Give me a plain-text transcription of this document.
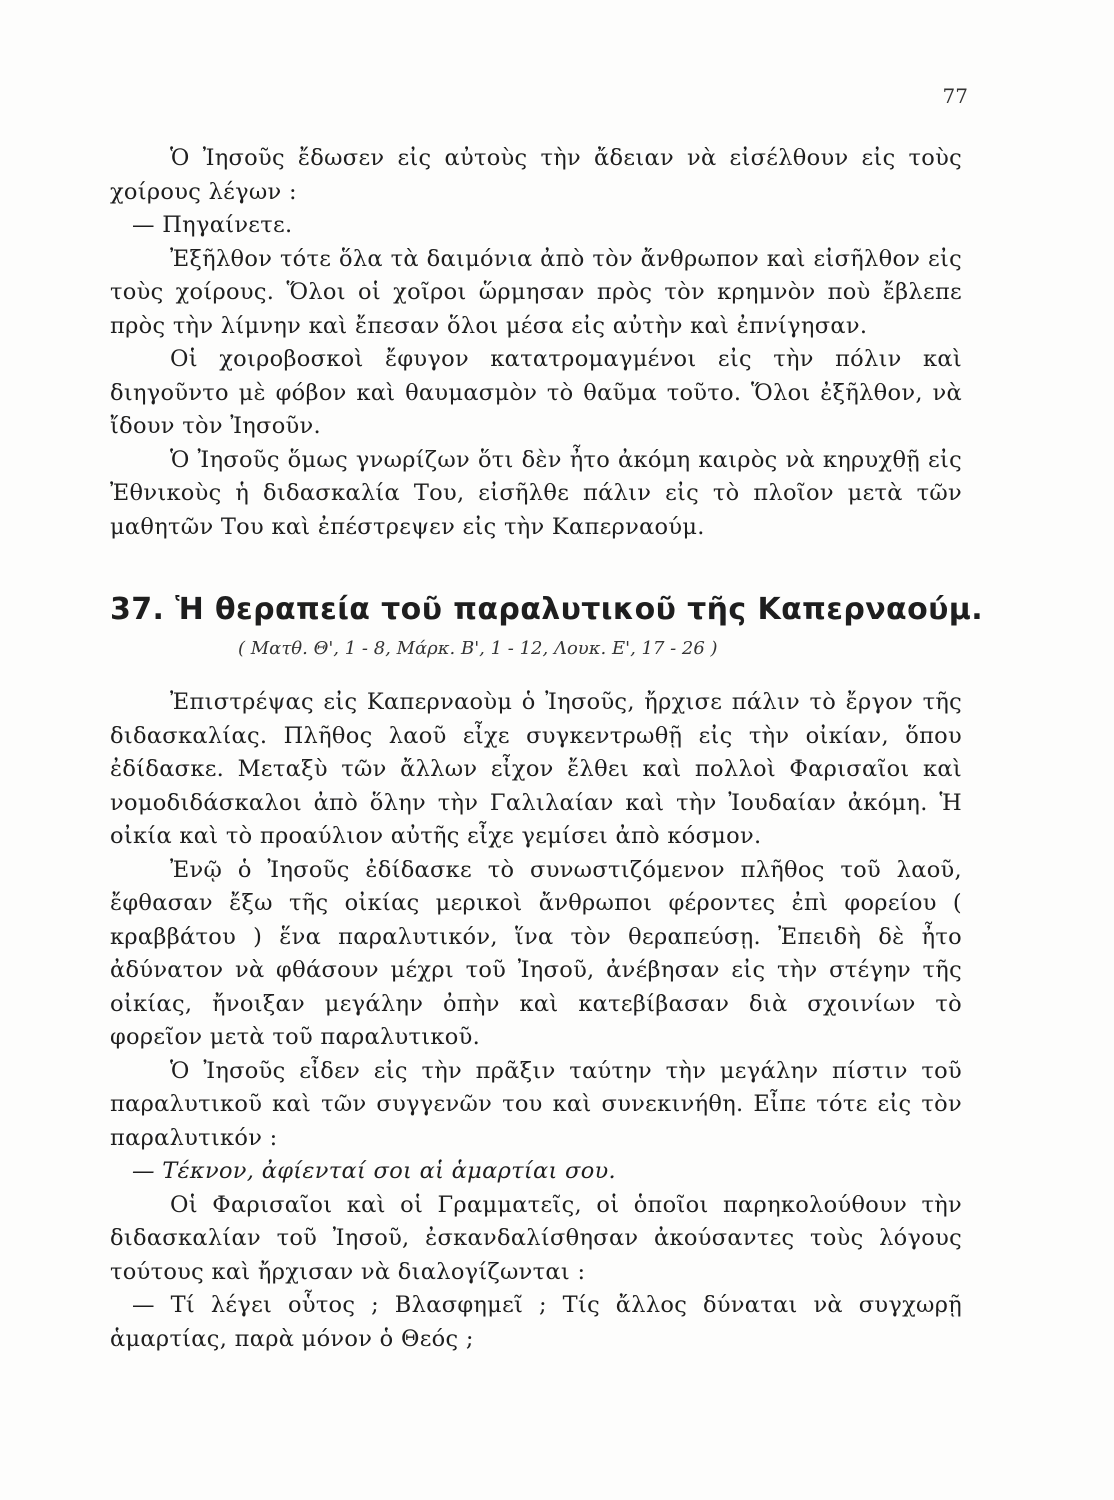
77

Ὁ Ἰησοῦς ἔδωσεν εἰς αὐτοὺς τὴν ἄδειαν νὰ εἰσέλθουν εἰς τοὺς χοίρους λέγων :

— Πηγαίνετε.

Ἐξῆλθον τότε ὅλα τὰ δαιμόνια ἀπὸ τὸν ἄνθρωπον καὶ εἰσῆλθον εἰς τοὺς χοίρους. Ὅλοι οἱ χοῖροι ὥρμησαν πρὸς τὸν κρημνὸν ποὺ ἔβλεπε πρὸς τὴν λίμνην καὶ ἔπεσαν ὅλοι μέσα εἰς αὐτὴν καὶ ἐπνίγησαν.

Οἱ χοιροβοσκοὶ ἔφυγον κατατρομαγμένοι εἰς τὴν πόλιν καὶ διηγοῦντο μὲ φόβον καὶ θαυμασμὸν τὸ θαῦμα τοῦτο. Ὅλοι ἐξῆλθον, νὰ ἴδουν τὸν Ἰησοῦν.

Ὁ Ἰησοῦς ὅμως γνωρίζων ὅτι δὲν ἦτο ἀκόμη καιρὸς νὰ κηρυχθῇ εἰς Ἐθνικοὺς ἡ διδασκαλία Του, εἰσῆλθε πάλιν εἰς τὸ πλοῖον μετὰ τῶν μαθητῶν Του καὶ ἐπέστρεψεν εἰς τὴν Καπερναούμ.

37. Ἡ θεραπεία τοῦ παραλυτικοῦ τῆς Καπερναούμ.
( Ματθ. Θ', 1 - 8, Μάρκ. Β', 1 - 12, Λουκ. Ε', 17 - 26 )

Ἐπιστρέψας εἰς Καπερναοὺμ ὁ Ἰησοῦς, ἤρχισε πάλιν τὸ ἔργον τῆς διδασκαλίας. Πλῆθος λαοῦ εἶχε συγκεντρωθῇ εἰς τὴν οἰκίαν, ὅπου ἐδίδασκε. Μεταξὺ τῶν ἄλλων εἶχον ἔλθει καὶ πολλοὶ Φαρισαῖοι καὶ νομοδιδάσκαλοι ἀπὸ ὅλην τὴν Γαλιλαίαν καὶ τὴν Ἰουδαίαν ἀκόμη. Ἡ οἰκία καὶ τὸ προαύλιον αὐτῆς εἶχε γεμίσει ἀπὸ κόσμον.

Ἐνῷ ὁ Ἰησοῦς ἐδίδασκε τὸ συνωστιζόμενον πλῆθος τοῦ λαοῦ, ἔφθασαν ἔξω τῆς οἰκίας μερικοὶ ἄνθρωποι φέροντες ἐπὶ φορείου ( κραββάτου ) ἕνα παραλυτικόν, ἵνα τὸν θεραπεύσῃ. Ἐπειδὴ δὲ ἦτο ἀδύνατον νὰ φθάσουν μέχρι τοῦ Ἰησοῦ, ἀνέβησαν εἰς τὴν στέγην τῆς οἰκίας, ἤνοιξαν μεγάλην ὀπὴν καὶ κατεβίβασαν διὰ σχοινίων τὸ φορεῖον μετὰ τοῦ παραλυτικοῦ.

Ὁ Ἰησοῦς εἶδεν εἰς τὴν πρᾶξιν ταύτην τὴν μεγάλην πίστιν τοῦ παραλυτικοῦ καὶ τῶν συγγενῶν του καὶ συνεκινήθη. Εἶπε τότε εἰς τὸν παραλυτικόν :

— Τέκνον, ἀφίενταί σοι αἱ ἁμαρτίαι σου.

Οἱ Φαρισαῖοι καὶ οἱ Γραμματεῖς, οἱ ὁποῖοι παρηκολούθουν τὴν διδασκαλίαν τοῦ Ἰησοῦ, ἐσκανδαλίσθησαν ἀκούσαντες τοὺς λόγους τούτους καὶ ἤρχισαν νὰ διαλογίζωνται :

— Τί λέγει οὗτος ; Βλασφημεῖ ; Τίς ἄλλος δύναται νὰ συγχωρῇ ἁμαρτίας, παρὰ μόνον ὁ Θεός ;
